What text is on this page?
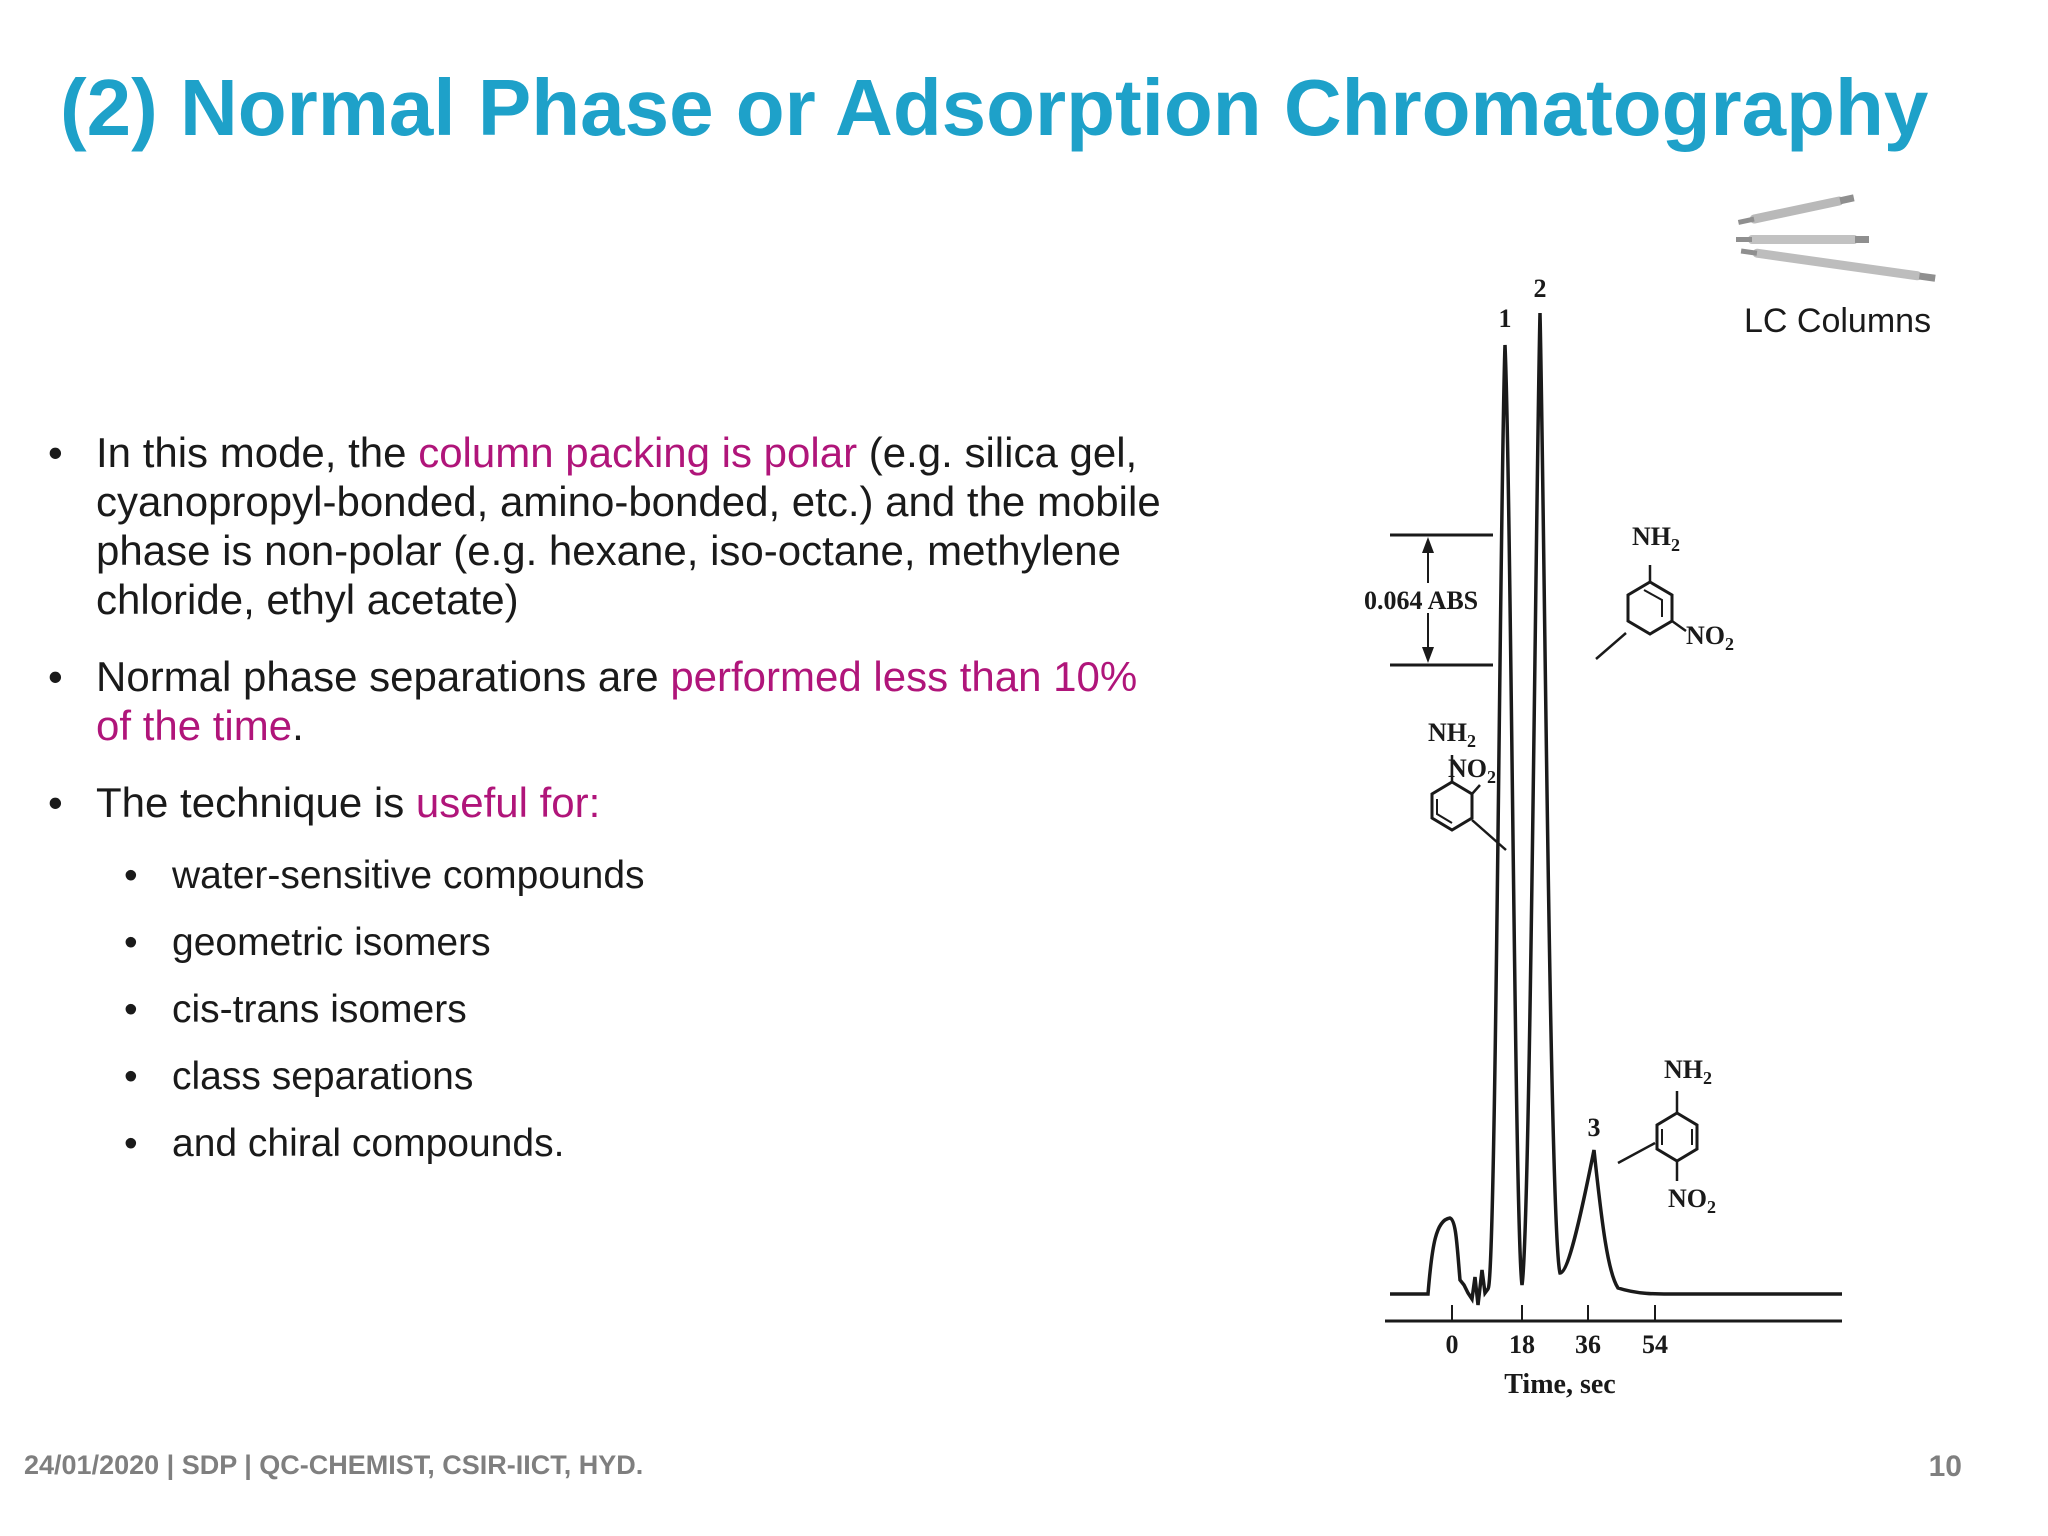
(2) Normal Phase or Adsorption Chromatography
• In this mode, the column packing is polar (e.g. silica gel, cyanopropyl-bonded, amino-bonded, etc.) and the mobile phase is non-polar (e.g. hexane, iso-octane, methylene chloride, ethyl acetate)
• Normal phase separations are performed less than 10% of the time.
• The technique is useful for:
• water-sensitive compounds
• geometric isomers
• cis-trans isomers
• class separations
• and chiral compounds.
LC Columns
0.064 ABS
1
2
3
0 18 36 54
Time, sec
$NH_2$
$NO_2$
$NH_2$
$NO_2$
$NH_2$
$NO_2$
24/01/2020 | SDP | QC-CHEMIST, CSIR-IICT, HYD.	10
